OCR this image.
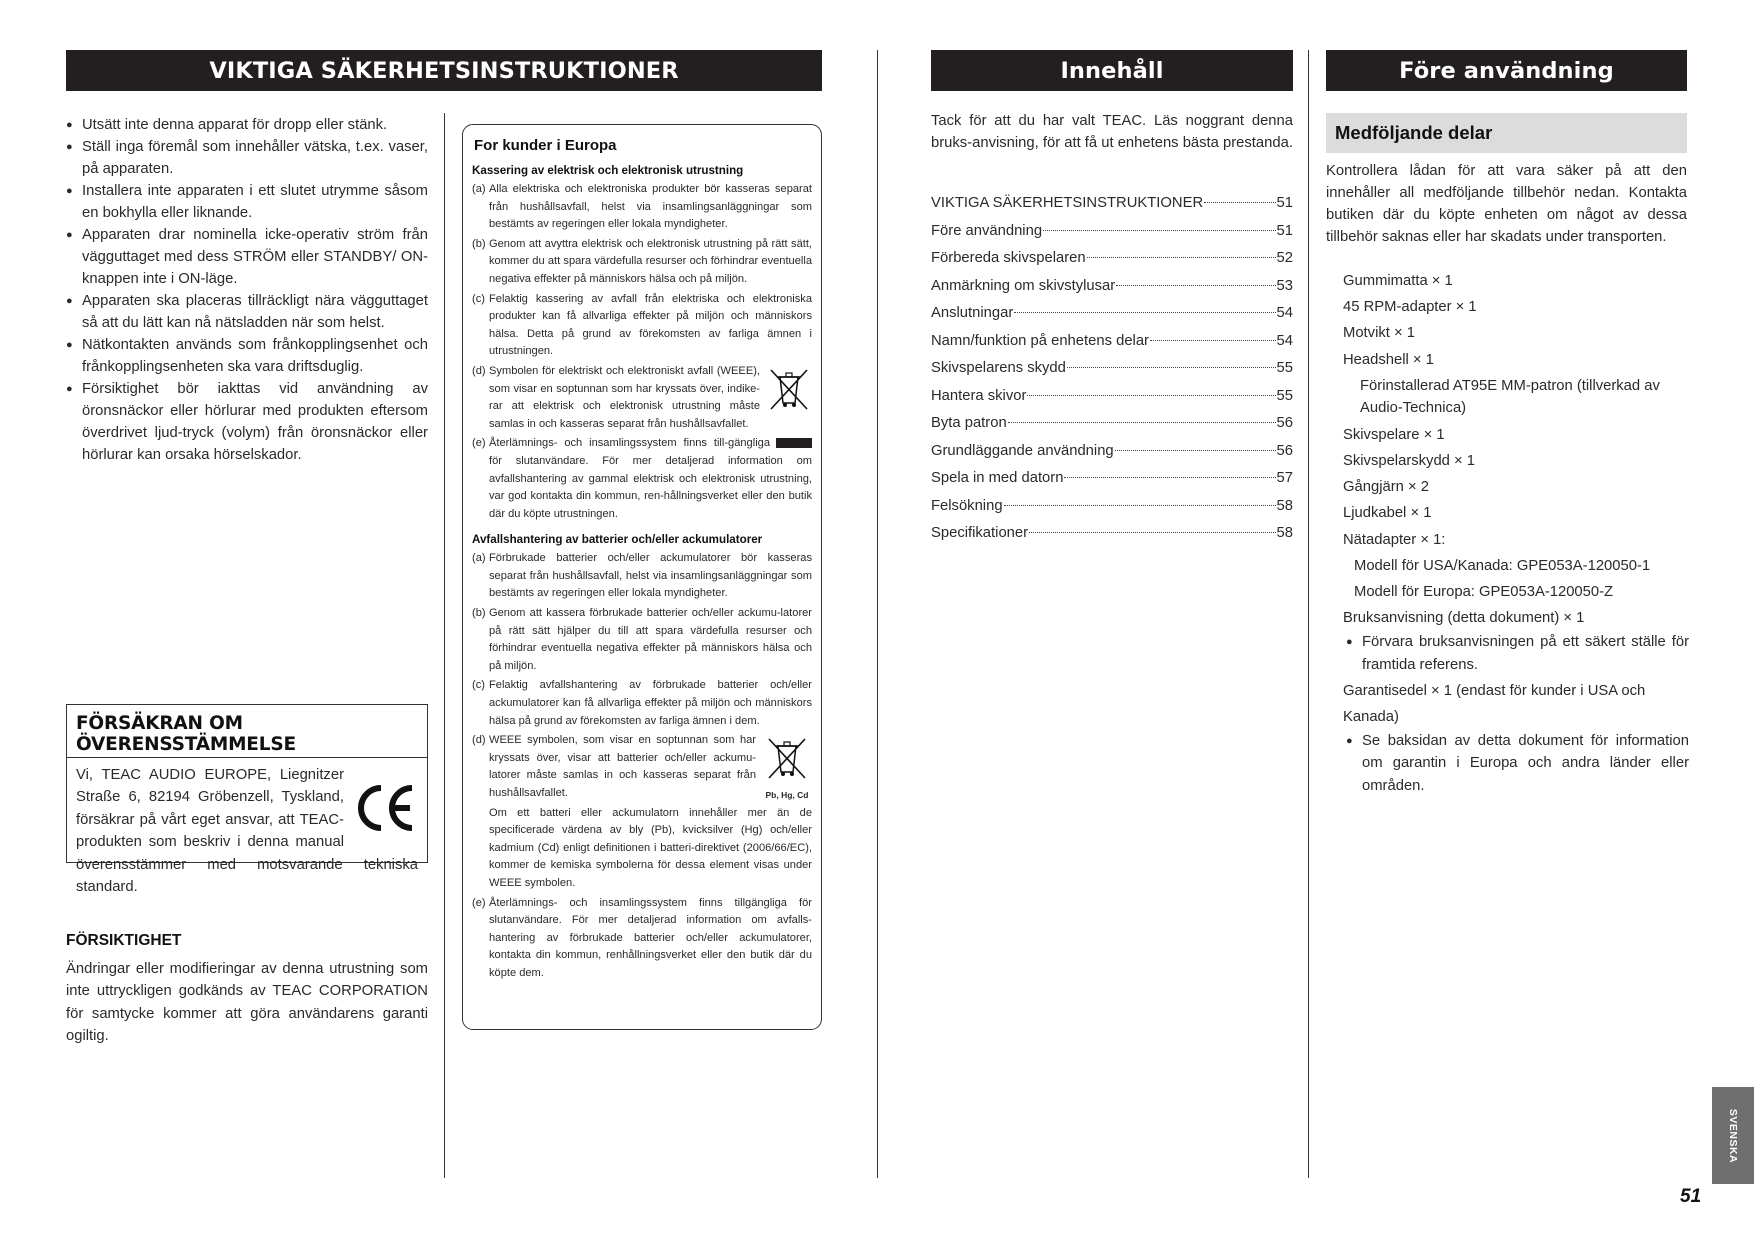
VIKTIGA SÄKERHETSINSTRUKTIONER
● Utsätt inte denna apparat för dropp eller stänk.
● Ställ inga föremål som innehåller vätska, t.ex. vaser, på apparaten.
● Installera inte apparaten i ett slutet utrymme såsom en bokhylla eller liknande.
● Apparaten drar nominella icke-operativ ström från vägguttaget med dess STRÖM eller STANDBY/ ON-knappen inte i ON-läge.
● Apparaten ska placeras tillräckligt nära vägguttaget så att du lätt kan nå nätsladden när som helst.
● Nätkontakten används som frånkopplingsenhet och frånkopplingsenheten ska vara driftsduglig.
● Försiktighet bör iakttas vid användning av öronsnäckor eller hörlurar med produkten eftersom överdrivet ljud-tryck (volym) från öronsnäckor eller hörlurar kan orsaka hörselskador.
FÖRSÄKRAN OM ÖVERENSSTÄMMELSE

Vi, TEAC AUDIO EUROPE, Liegnitzer Straße 6, 82194 Gröbenzell, Tyskland, försäkrar på vårt eget ansvar, att TEAC-produkten som beskriv i denna manual överensstämmer med motsvarande tekniska standard.

FÖRSIKTIGHET
Ändringar eller modifieringar av denna utrustning som inte uttryckligen godkänds av TEAC CORPORATION för samtycke kommer att göra användarens garanti ogiltig.
For kunder i Europa
Kassering av elektrisk och elektronisk utrustning
(a) Alla elektriska och elektroniska produkter bör kasseras separat från hushållsavfall, helst via insamlingsanläggningar som bestämts av regeringen eller lokala myndigheter.
(b) Genom att avyttra elektrisk och elektronisk utrustning på rätt sätt, kommer du att spara värdefulla resurser och förhindrar eventuella negativa effekter på människors hälsa och på miljön.
(c) Felaktig kassering av avfall från elektriska och elektroniska produkter kan få allvarliga effekter på miljön och människors hälsa. Detta på grund av förekomsten av farliga ämnen i utrustningen.
(d) Symbolen för elektriskt och elektroniskt avfall (WEEE), som visar en soptunnan som har kryssats över, indike-rar att elektrisk och elektronisk utrustning måste samlas in och kasseras separat från hushållsavfallet.
(e) Återlämnings- och insamlingssystem finns till-gängliga för slutanvändare. För mer detaljerad information om avfallshantering av gammal elektrisk och elektronisk utrustning, var god kontakta din kommun, ren-hållningsverket eller den butik där du köpte utrustningen.
Avfallshantering av batterier och/eller ackumulatorer
(a) Förbrukade batterier och/eller ackumulatorer bör kasseras separat från hushållsavfall, helst via insamlingsanläggningar som bestämts av regeringen eller lokala myndigheter.
(b) Genom att kassera förbrukade batterier och/eller ackumu-latorer på rätt sätt hjälper du till att spara värdefulla resurser och förhindrar eventuella negativa effekter på människors hälsa och på miljön.
(c) Felaktig avfallshantering av förbrukade batterier och/eller ackumulatorer kan få allvarliga effekter på miljön och människors hälsa på grund av förekomsten av farliga ämnen i dem.
(d)
Pb, Hg, Cd
WEEE symbolen, som visar en soptunnan som har kryssats över, visar att batterier och/eller ackumu-latorer måste samlas in och kasseras separat från hushållsavfallet.
Om ett batteri eller ackumulatorn innehåller mer än de specificerade värdena av bly (Pb), kvicksilver (Hg) och/eller kadmium (Cd) enligt definitionen i batteri-direktivet (2006/66/EC), kommer de kemiska symbolerna för dessa element visas under WEEE symbolen.
(e) Återlämnings- och insamlingssystem finns tillgängliga för slutanvändare. För mer detaljerad information om avfalls-hantering av förbrukade batterier och/eller ackumulatorer, kontakta din kommun, renhållningsverket eller den butik där du köpte dem.
Innehåll
Tack för att du har valt TEAC. Läs noggrant denna bruks-anvisning, för att få ut enhetens bästa prestanda.
VIKTIGA SÄKERHETSINSTRUKTIONER	51
Före användning	51
Förbereda skivspelaren	52
Anmärkning om skivstylusar	53
Anslutningar	54
Namn/funktion på enhetens delar	54
Skivspelarens skydd	55
Hantera skivor	55
Byta patron	56
Grundläggande användning	56
Spela in med datorn	57
Felsökning	58
Specifikationer	58
Före användning
Medföljande delar
Kontrollera lådan för att vara säker på att den innehåller all medföljande tillbehör nedan. Kontakta butiken där du köpte enheten om något av dessa tillbehör saknas eller har skadats under transporten.
Gummimatta × 1
45 RPM-adapter × 1
Motvikt × 1
Headshell × 1
Förinstallerad AT95E MM-patron (tillverkad av Audio-Technica)
Skivspelare × 1
Skivspelarskydd × 1
Gångjärn × 2
Ljudkabel × 1
Nätadapter × 1:
Modell för USA/Kanada: GPE053A-120050-1
Modell för Europa: GPE053A-120050-Z
Bruksanvisning (detta dokument) × 1
● Förvara bruksanvisningen på ett säkert ställe för framtida referens.
Garantisedel × 1 (endast för kunder i USA och Kanada)
● Se baksidan av detta dokument för information om garantin i Europa och andra länder eller områden.
SVENSKA
51
